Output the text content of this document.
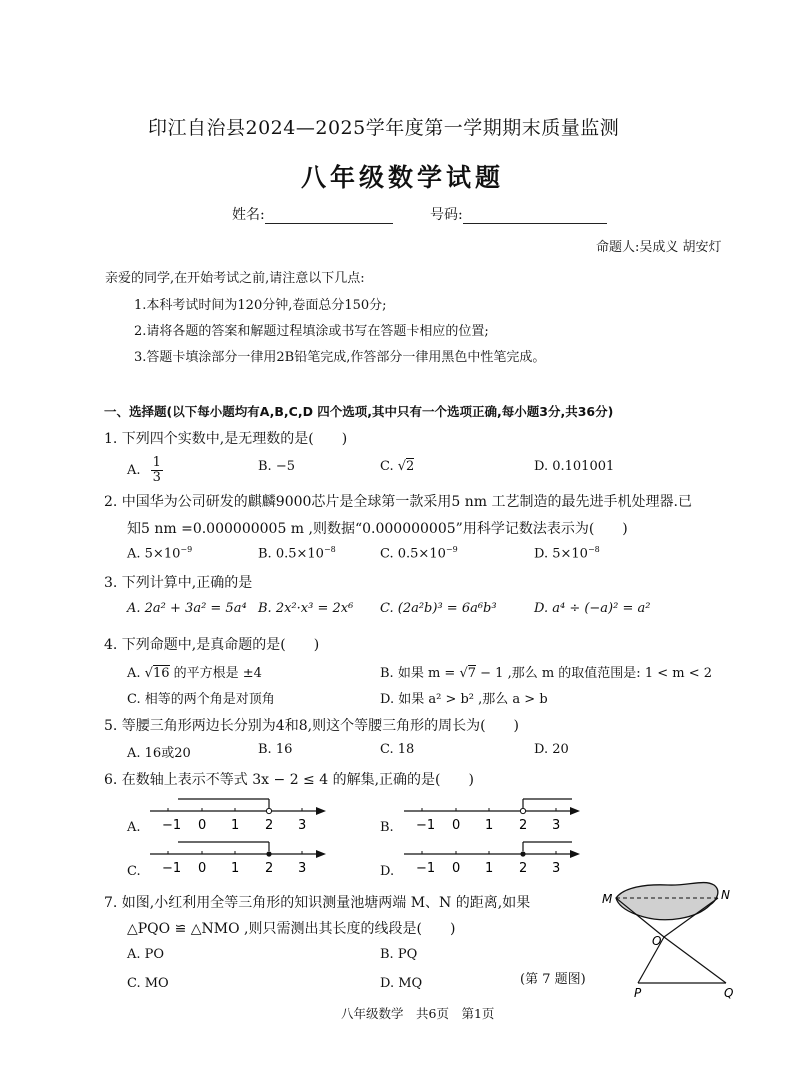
印江自治县2024—2025学年度第一学期期末质量监测
八年级数学试题
姓名:	号码:
命题人:吴成义 胡安灯
亲爱的同学,在开始考试之前,请注意以下几点:
1.本科考试时间为120分钟,卷面总分150分;
2.请将各题的答案和解题过程填涂或书写在答题卡相应的位置;
3.答题卡填涂部分一律用2B铅笔完成,作答部分一律用黑色中性笔完成。
一、选择题(以下每小题均有A,B,C,D 四个选项,其中只有一个选项正确,每小题3分,共36分)
1. 下列四个实数中,是无理数的是(　　)
A. $\frac{1}{3}$	B. −5	C. √2	D. 0.101001
2. 中国华为公司研发的麒麟9000芯片是全球第一款采用5 nm 工艺制造的最先进手机处理器.已
知5 nm =0.000000005 m ,则数据“0.000000005”用科学记数法表示为(　　)
A. $5\times 10^{-9}$	B. $0.5\times 10^{-8}$	C. $0.5\times 10^{-9}$	D. $5\times 10^{-8}$
3. 下列计算中,正确的是
A. 2a² + 3a² = 5a⁴ B. 2x²·x³ = 2x⁶ C. (2a²b)³ = 6a⁶b³	D. a⁴ ÷ (−a)² = a²
4. 下列命题中,是真命题的是(　　)
A. √16 的平方根是 ±4	B. 如果 m = √7 − 1 ,那么 m 的取值范围是: 1 < m < 2
C. 相等的两个角是对顶角	D. 如果 a² > b² ,那么 a > b
5. 等腰三角形两边长分别为4和8,则这个等腰三角形的周长为(　　)
A. 16或20	B. 16	C. 18	D. 20
6. 在数轴上表示不等式 3x − 2 ≤ 4 的解集,正确的是(　　)
A. −1 0 1 2 3	B. −1 0 1 2 3
C. −1 0 1 2 3	D. −1 0 1 2 3
7. 如图,小红利用全等三角形的知识测量池塘两端 M、N 的距离,如果
△PQO ≌ △NMO ,则只需测出其长度的线段是(　　)
A. PO	B. PQ
C. MO	D. MQ
M	N
O
P	Q
(第 7 题图)
八年级数学　共6页　第1页
